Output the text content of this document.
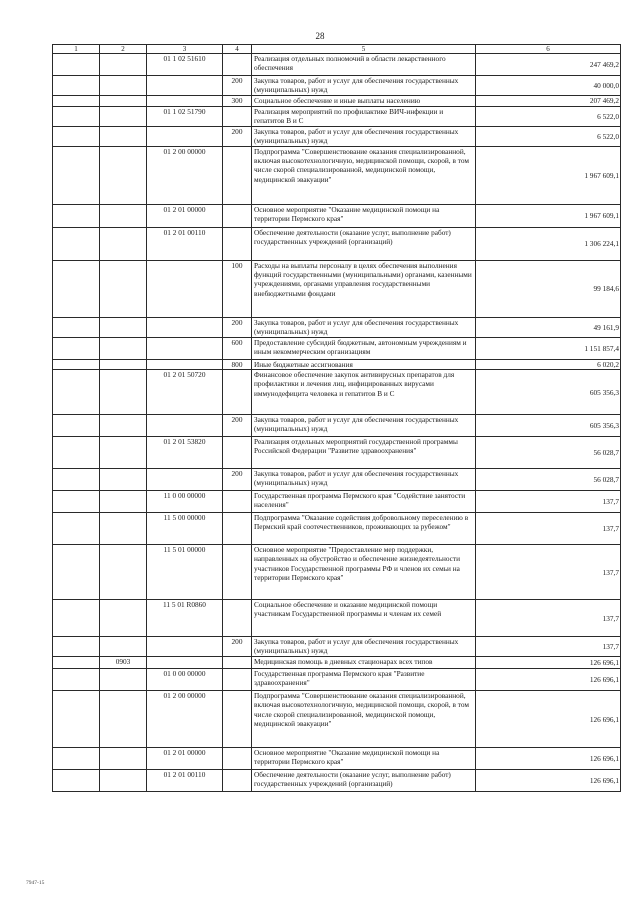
28
1	2	3	4	5	6
		01 1 02 51610		Реализация отдельных полномочий в области лекарственного обеспечения	247 469,2
			200	Закупка товаров, работ и услуг для обеспечения государственных (муниципальных) нужд	40 000,0
			300	Социальное обеспечение и иные выплаты населению	207 469,2
		01 1 02 51790		Реализация мероприятий по профилактике ВИЧ-инфекции и гепатитов В и С	6 522,0
			200	Закупка товаров, работ и услуг для обеспечения государственных (муниципальных) нужд	6 522,0
		01 2 00 00000		Подпрограмма "Совершенствование оказания специализированной, включая высокотехнологичную, медицинской помощи, скорой, в том числе скорой специализированной, медицинской помощи, медицинской эвакуации"	1 967 609,1
		01 2 01 00000		Основное мероприятие "Оказание медицинской помощи на территории Пермского края"	1 967 609,1
		01 2 01 00110		Обеспечение деятельности (оказание услуг, выполнение работ) государственных учреждений (организаций)	1 306 224,1
			100	Расходы на выплаты персоналу в целях обеспечения выполнения функций государственными (муниципальными) органами, казенными учреждениями, органами управления государственными внебюджетными фондами	99 184,6
			200	Закупка товаров, работ и услуг для обеспечения государственных (муниципальных) нужд	49 161,9
			600	Предоставление субсидий бюджетным, автономным учреждениям и иным некоммерческим организациям	1 151 857,4
			800	Иные бюджетные ассигнования	6 020,2
		01 2 01 50720		Финансовое обеспечение закупок антивирусных препаратов для профилактики и лечения лиц, инфицированных вирусами иммунодефицита человека и гепатитов В и С	605 356,3
			200	Закупка товаров, работ и услуг для обеспечения государственных (муниципальных) нужд	605 356,3
		01 2 01 53820		Реализация отдельных мероприятий государственной программы Российской Федерации "Развитие здравоохранения"	56 028,7
			200	Закупка товаров, работ и услуг для обеспечения государственных (муниципальных) нужд	56 028,7
		11 0 00 00000		Государственная программа Пермского края "Содействие занятости населения"	137,7
		11 5 00 00000		Подпрограмма "Оказание содействия добровольному переселению в Пермский край соотечественников, проживающих за рубежом"	137,7
		11 5 01 00000		Основное мероприятие "Предоставление мер поддержки, направленных на обустройство и обеспечение жизнедеятельности участников Государственной программы РФ и членов их семьи на территории Пермского края"	137,7
		11 5 01 R0860		Социальное обеспечение и оказание медицинской помощи участникам Государственной программы и членам их семей	137,7
			200	Закупка товаров, работ и услуг для обеспечения государственных (муниципальных) нужд	137,7
	0903			Медицинская помощь в дневных стационарах всех типов	126 696,1
		01 0 00 00000		Государственная программа Пермского края "Развитие здравоохранения"	126 696,1
		01 2 00 00000		Подпрограмма "Совершенствование оказания специализированной, включая высокотехнологичную, медицинской помощи, скорой, в том числе скорой специализированной, медицинской помощи, медицинской эвакуации"	126 696,1
		01 2 01 00000		Основное мероприятие "Оказание медицинской помощи на территории Пермского края"	126 696,1
		01 2 01 00110		Обеспечение деятельности (оказание услуг, выполнение работ) государственных учреждений (организаций)	126 696,1
7947-15
